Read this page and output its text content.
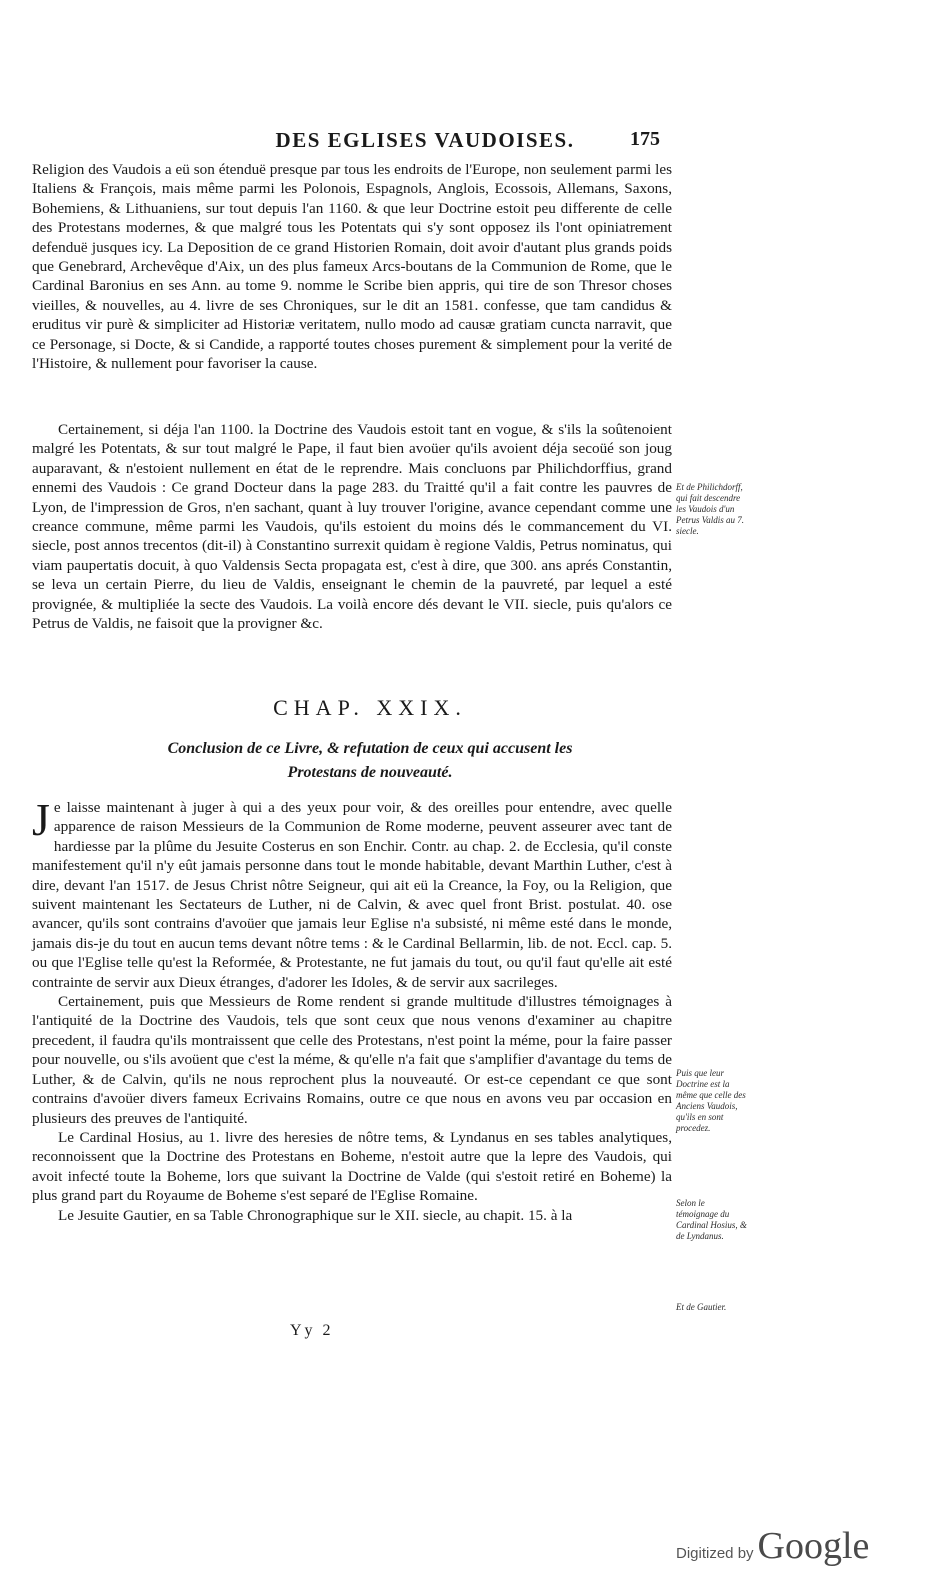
DES EGLISES VAUDOISES.	175

Religion des Vaudois a eü son étenduë presque par tous les endroits de l'Europe, non seulement parmi les Italiens & François, mais même parmi les Polonois, Espagnols, Anglois, Ecossois, Allemans, Saxons, Bohemiens, & Lithuaniens, sur tout depuis l'an 1160. & que leur Doctrine estoit peu differente de celle des Protestans modernes, & que malgré tous les Potentats qui s'y sont opposez ils l'ont opiniatrement defenduë jusques icy. La Deposition de ce grand Historien Romain, doit avoir d'autant plus grands poids que Genebrard, Archevêque d'Aix, un des plus fameux Arcs-boutans de la Communion de Rome, que le Cardinal Baronius en ses Ann. au tome 9. nomme le Scribe bien appris, qui tire de son Thresor choses vieilles, & nouvelles, au 4. livre de ses Chroniques, sur le dit an 1581. confesse, que tam candidus & eruditus vir purè & simpliciter ad Historiæ veritatem, nullo modo ad causæ gratiam cuncta narravit, que ce Personage, si Docte, & si Candide, a rapporté toutes choses purement & simplement pour la verité de l'Histoire, & nullement pour favoriser la cause.

Certainement, si déja l'an 1100. la Doctrine des Vaudois estoit tant en vogue, & s'ils la soûtenoient malgré les Potentats, & sur tout malgré le Pape, il faut bien avoüer qu'ils avoient déja secoüé son joug auparavant, & n'estoient nullement en état de le reprendre. Mais concluons par Philichdorffius, grand ennemi des Vaudois : Ce grand Docteur dans la page 283. du Traitté qu'il a fait contre les pauvres de Lyon, de l'impression de Gros, n'en sachant, quant à luy trouver l'origine, avance cependant comme une creance commune, même parmi les Vaudois, qu'ils estoient du moins dés le commancement du VI. siecle, post annos trecentos (dit-il) à Constantino surrexit quidam è regione Valdis, Petrus nominatus, qui viam paupertatis docuit, à quo Valdensis Secta propagata est, c'est à dire, que 300. ans aprés Constantin, se leva un certain Pierre, du lieu de Valdis, enseignant le chemin de la pauvreté, par lequel a esté provignée, & multipliée la secte des Vaudois. La voilà encore dés devant le VII. siecle, puis qu'alors ce Petrus de Valdis, ne faisoit que la provigner &c.

CHAP. XXIX.
Conclusion de ce Livre, & refutation de ceux qui accusent les
Protestans de nouveauté.

Je laisse maintenant à juger à qui a des yeux pour voir, & des oreilles pour entendre, avec quelle apparence de raison Messieurs de la Communion de Rome moderne, peuvent asseurer avec tant de hardiesse par la plûme du Jesuite Costerus en son Enchir. Contr. au chap. 2. de Ecclesia, qu'il conste manifestement qu'il n'y eût jamais personne dans tout le monde habitable, devant Marthin Luther, c'est à dire, devant l'an 1517. de Jesus Christ nôtre Seigneur, qui ait eü la Creance, la Foy, ou la Religion, que suivent maintenant les Sectateurs de Luther, ni de Calvin, & avec quel front Brist. postulat. 40. ose avancer, qu'ils sont contrains d'avoüer que jamais leur Eglise n'a subsisté, ni même esté dans le monde, jamais dis-je du tout en aucun tems devant nôtre tems : & le Cardinal Bellarmin, lib. de not. Eccl. cap. 5. ou que l'Eglise telle qu'est la Reformée, & Protestante, ne fut jamais du tout, ou qu'il faut qu'elle ait esté contrainte de servir aux Dieux étranges, d'adorer les Idoles, & de servir aux sacrileges.

Certainement, puis que Messieurs de Rome rendent si grande multitude d'illustres témoignages à l'antiquité de la Doctrine des Vaudois, tels que sont ceux que nous venons d'examiner au chapitre precedent, il faudra qu'ils montraissent que celle des Protestans, n'est point la méme, pour la faire passer pour nouvelle, ou s'ils avoüent que c'est la méme, & qu'elle n'a fait que s'amplifier d'avantage du tems de Luther, & de Calvin, qu'ils ne nous reprochent plus la nouveauté. Or est-ce cependant ce que sont contrains d'avoüer divers fameux Ecrivains Romains, outre ce que nous en avons veu par occasion en plusieurs des preuves de l'antiquité.

Le Cardinal Hosius, au 1. livre des heresies de nôtre tems, & Lyndanus en ses tables analytiques, reconnoissent que la Doctrine des Protestans en Boheme, n'estoit autre que la lepre des Vaudois, qui avoit infecté toute la Boheme, lors que suivant la Doctrine de Valde (qui s'estoit retiré en Boheme) la plus grand part du Royaume de Boheme s'est separé de l'Eglise Romaine.

Le Jesuite Gautier, en sa Table Chronographique sur le XII. siecle, au chapit. 15. à la

Et de Philichdorff, qui fait descendre les Vaudois d'un Petrus Valdis au 7. siecle.
Puis que leur Doctrine est la même que celle des Anciens Vaudois, qu'ils en sont procedez.
Selon le témoignage du Cardinal Hosius, & de Lyndanus.
Et de Gautier.
Yy 2
Digitized by Google
